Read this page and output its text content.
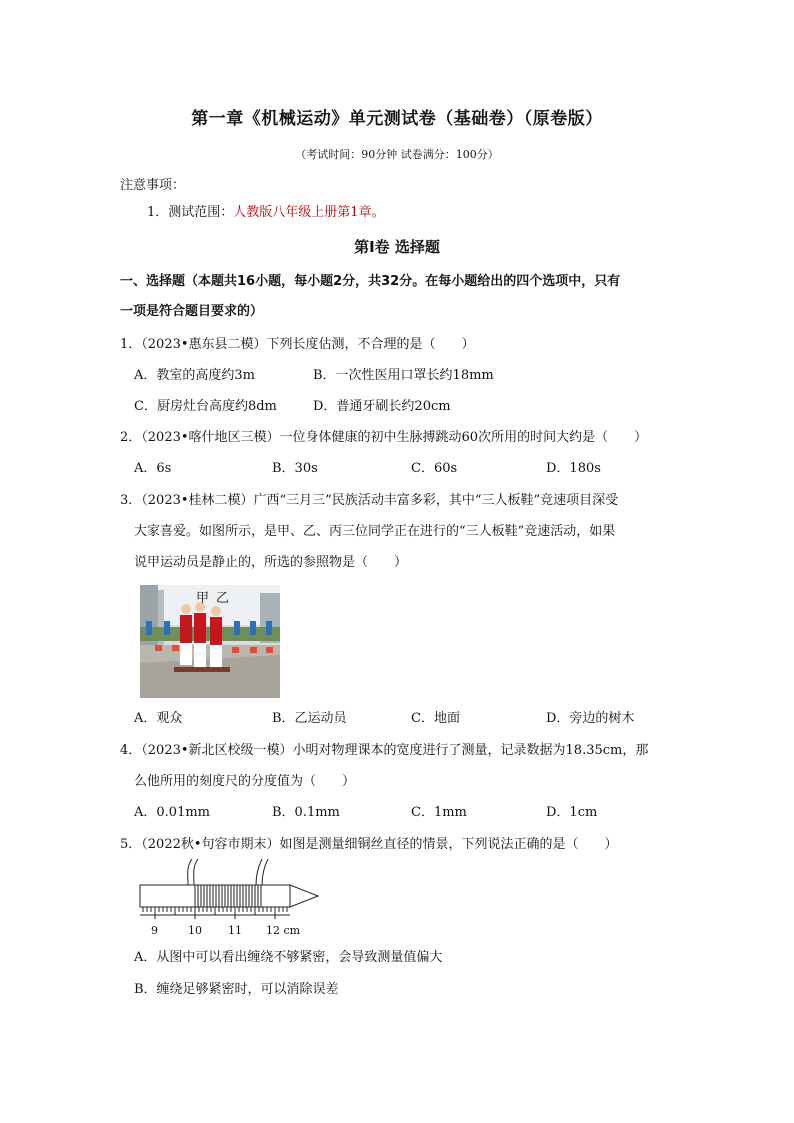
第一章《机械运动》单元测试卷（基础卷）（原卷版）
（考试时间：90分钟 试卷满分：100分）
注意事项：
1．测试范围：人教版八年级上册第1章。
第Ⅰ卷 选择题
一、选择题（本题共16小题，每小题2分，共32分。在每小题给出的四个选项中，只有
一项是符合题目要求的）
1．（2023•惠东县二模）下列长度估测，不合理的是（　　）
A．教室的高度约3m	B．一次性医用口罩长约18mm
C．厨房灶台高度约8dm	D．普通牙刷长约20cm
2．（2023•喀什地区三模）一位身体健康的初中生脉搏跳动60次所用的时间大约是（　　）
A．6s	B．30s	C．60s	D．180s
3．（2023•桂林二模）广西“三月三”民族活动丰富多彩，其中“三人板鞋”竞速项目深受
大家喜爱。如图所示，是甲、乙、丙三位同学正在进行的“三人板鞋”竞速活动，如果
说甲运动员是静止的，所选的参照物是（　　）
甲 乙
A．观众	B．乙运动员	C．地面	D．旁边的树木
4．（2023•新北区校级一模）小明对物理课本的宽度进行了测量，记录数据为18.35cm，那
么他所用的刻度尺的分度值为（　　）
A．0.01mm	B．0.1mm	C．1mm	D．1cm
5．（2022秋•句容市期末）如图是测量细铜丝直径的情景，下列说法正确的是（　　）
9	10 11 12 cm
A．从图中可以看出缠绕不够紧密，会导致测量值偏大
B．缠绕足够紧密时，可以消除误差
